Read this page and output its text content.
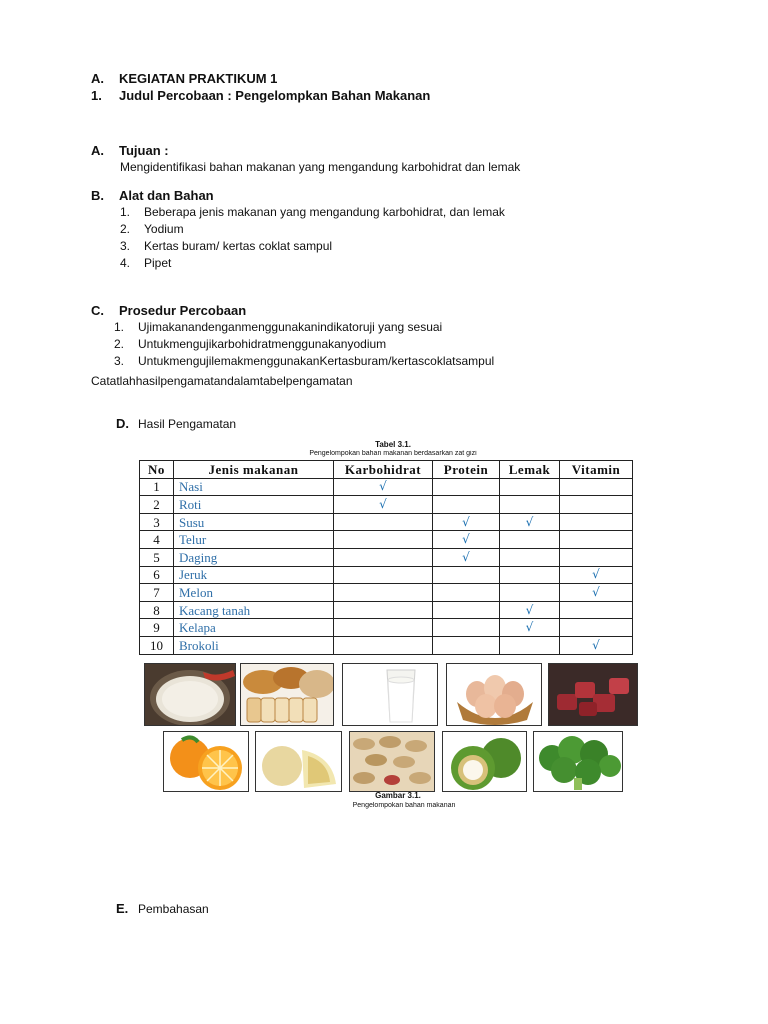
A. KEGIATAN PRAKTIKUM 1
1. Judul Percobaan : Pengelompkan Bahan Makanan
A. Tujuan :
Mengidentifikasi bahan makanan yang mengandung karbohidrat dan lemak
B. Alat dan Bahan
1. Beberapa jenis makanan yang mengandung karbohidrat, dan lemak
2. Yodium
3. Kertas buram/ kertas coklat sampul
4. Pipet
C. Prosedur Percobaan
1. Ujimakanandenganmenggunakanindikatoruji yang sesuai
2. Untukmengujikarbohidratmenggunakanyodium
3. UntukmengujilemakmenggunakanKertasburam/kertascoklatsampul
Catatlahhasilpengamatandalamtabelpengamatan
D. Hasil Pengamatan
Tabel 3.1.
Pengelompokan bahan makanan berdasarkan zat gizi
No	Jenis makanan	Karbohidrat	Protein	Lemak	Vitamin
1	Nasi	√			
2	Roti	√			
3	Susu		√	√	
4	Telur		√		
5	Daging		√		
6	Jeruk				√
7	Melon				√
8	Kacang tanah			√	
9	Kelapa			√	
10	Brokoli				√
Gambar 3.1.
Pengelompokan bahan makanan
E. Pembahasan
